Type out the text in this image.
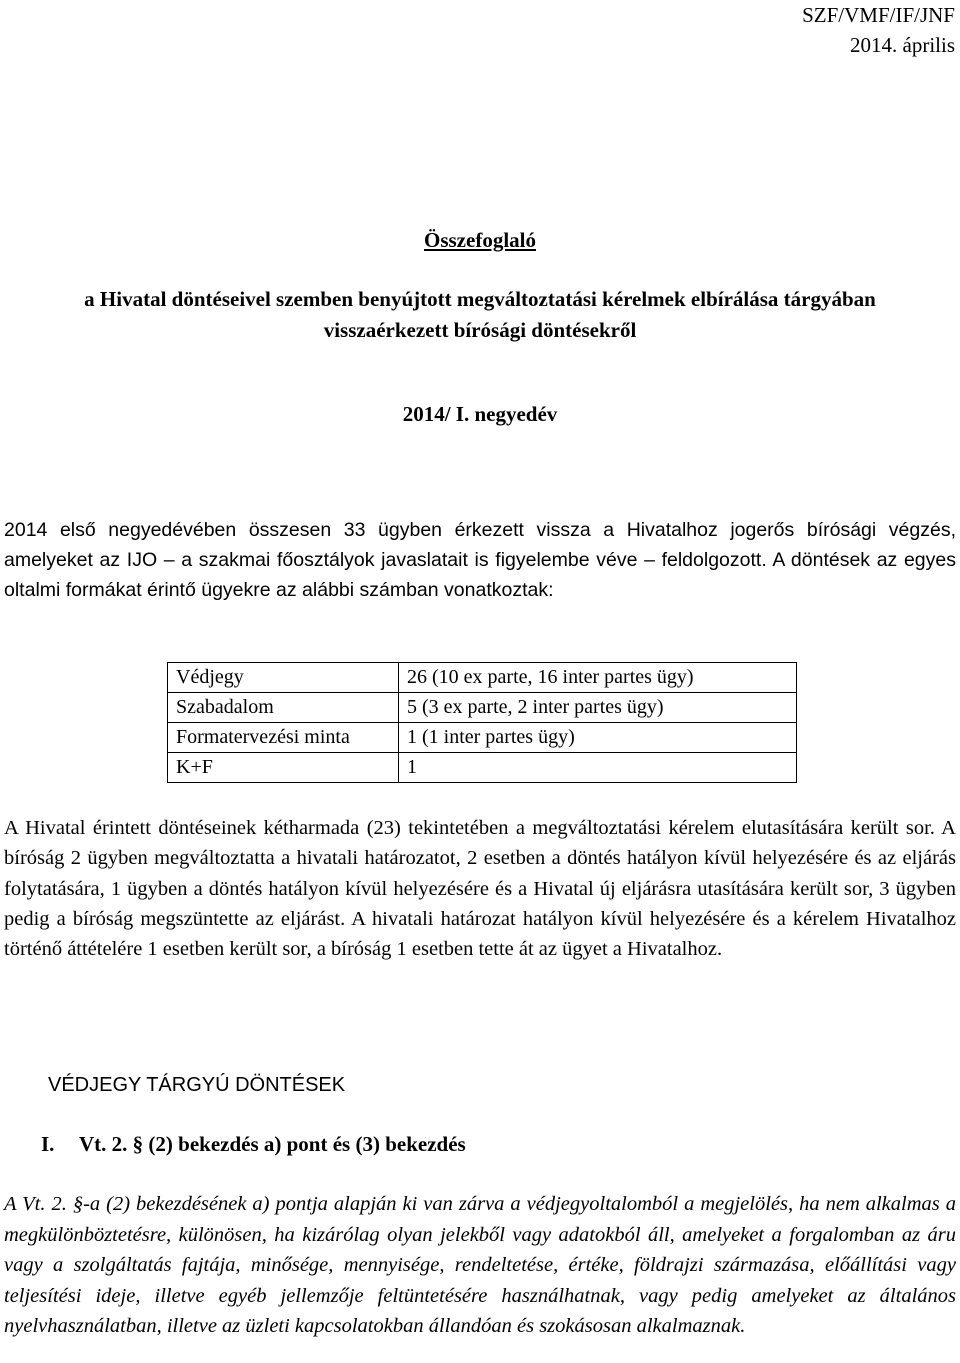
SZF/VMF/IF/JNF
2014. április
Összefoglaló
a Hivatal döntéseivel szemben benyújtott megváltoztatási kérelmek elbírálása tárgyában
visszaérkezett bírósági döntésekről
2014/ I. negyedév

2014 első negyedévében összesen 33 ügyben érkezett vissza a Hivatalhoz jogerős bírósági végzés, amelyeket az IJO – a szakmai főosztályok javaslatait is figyelembe véve – feldolgozott. A döntések az egyes oltalmi formákat érintő ügyekre az alábbi számban vonatkoztak:

Védjegy	26 (10 ex parte, 16 inter partes ügy)
Szabadalom	5 (3 ex parte, 2 inter partes ügy)
Formatervezési minta	1 (1 inter partes ügy)
K+F	1

A Hivatal érintett döntéseinek kétharmada (23) tekintetében a megváltoztatási kérelem elutasítására került sor. A bíróság 2 ügyben megváltoztatta a hivatali határozatot, 2 esetben a döntés hatályon kívül helyezésére és az eljárás folytatására, 1 ügyben a döntés hatályon kívül helyezésére és a Hivatal új eljárásra utasítására került sor, 3 ügyben pedig a bíróság megszüntette az eljárást. A hivatali határozat hatályon kívül helyezésére és a kérelem Hivatalhoz történő áttételére 1 esetben került sor, a bíróság 1 esetben tette át az ügyet a Hivatalhoz.

VÉDJEGY TÁRGYÚ DÖNTÉSEK
I. Vt. 2. § (2) bekezdés a) pont és (3) bekezdés

A Vt. 2. §-a (2) bekezdésének a) pontja alapján ki van zárva a védjegyoltalomból a megjelölés, ha nem alkalmas a megkülönböztetésre, különösen, ha kizárólag olyan jelekből vagy adatokból áll, amelyeket a forgalomban az áru vagy a szolgáltatás fajtája, minősége, mennyisége, rendeltetése, értéke, földrajzi származása, előállítási vagy teljesítési ideje, illetve egyéb jellemzője feltüntetésére használhatnak, vagy pedig amelyeket az általános nyelvhasználatban, illetve az üzleti kapcsolatokban állandóan és szokásosan alkalmaznak.
